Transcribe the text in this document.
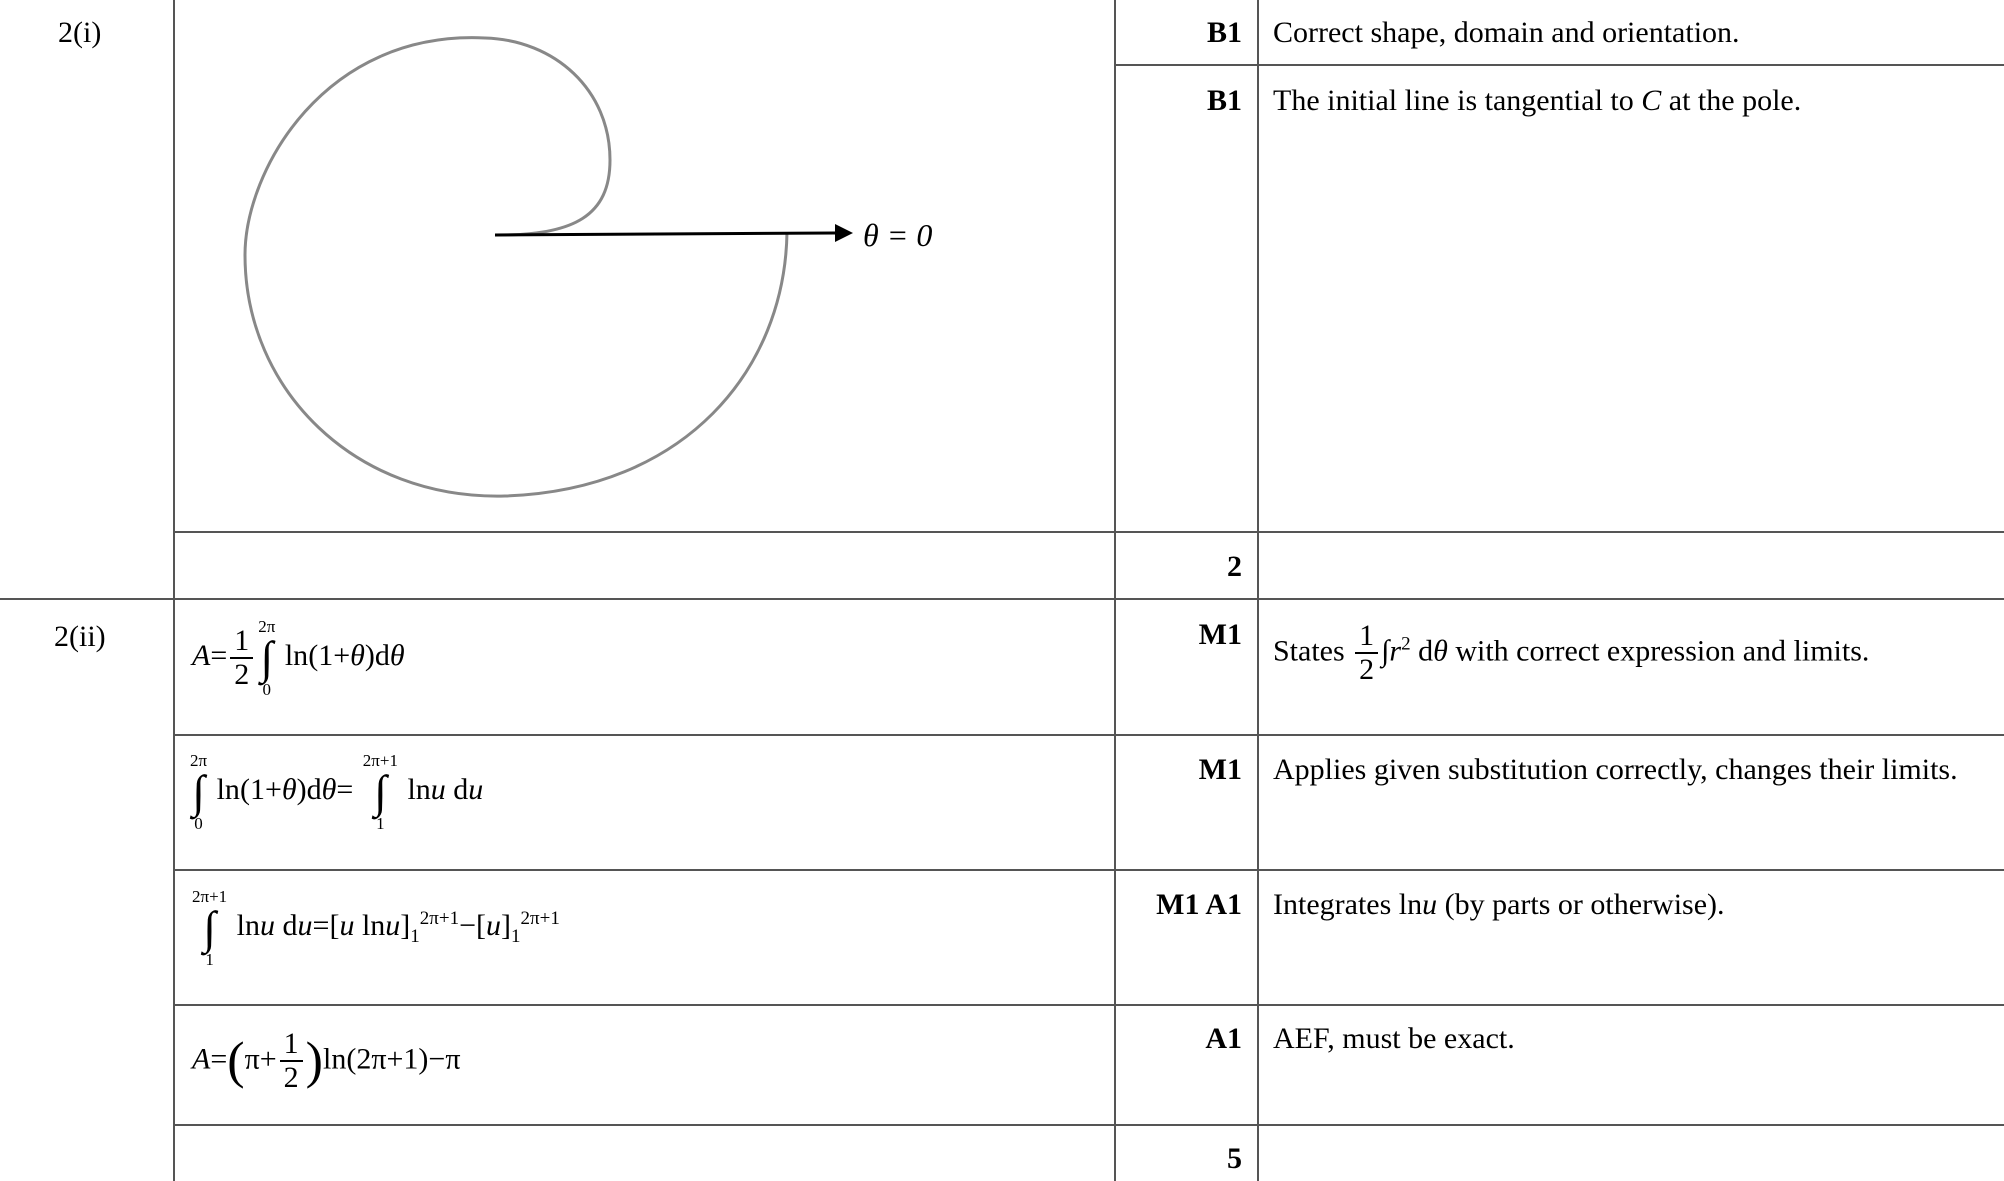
2(i)
θ = 0
B1 Correct shape, domain and orientation.
B1 The initial line is tangential to C at the pole.
2
2(ii)
$A= \frac{1}{2} 2\pi$
∫
0
ln(1+θ)dθ
M1 States $\frac{1}{2} \int r^2$ dθ with correct expression and limits.
2π
∫
0
ln(1+θ)dθ=
2π+1
∫
1
lnu du
M1 Applies given substitution correctly, changes their limits.
2π+1
∫
1
lnu du=[u $\ln u]_1^{2\pi+1}-[u]_1^{2\pi+1}$	M1 A1 Integrates lnu (by parts or otherwise).
$A=(\pi+ \frac{1}{2} )\ln(2\pi+1)-\pi$
A1 AEF, must be exact.
5
